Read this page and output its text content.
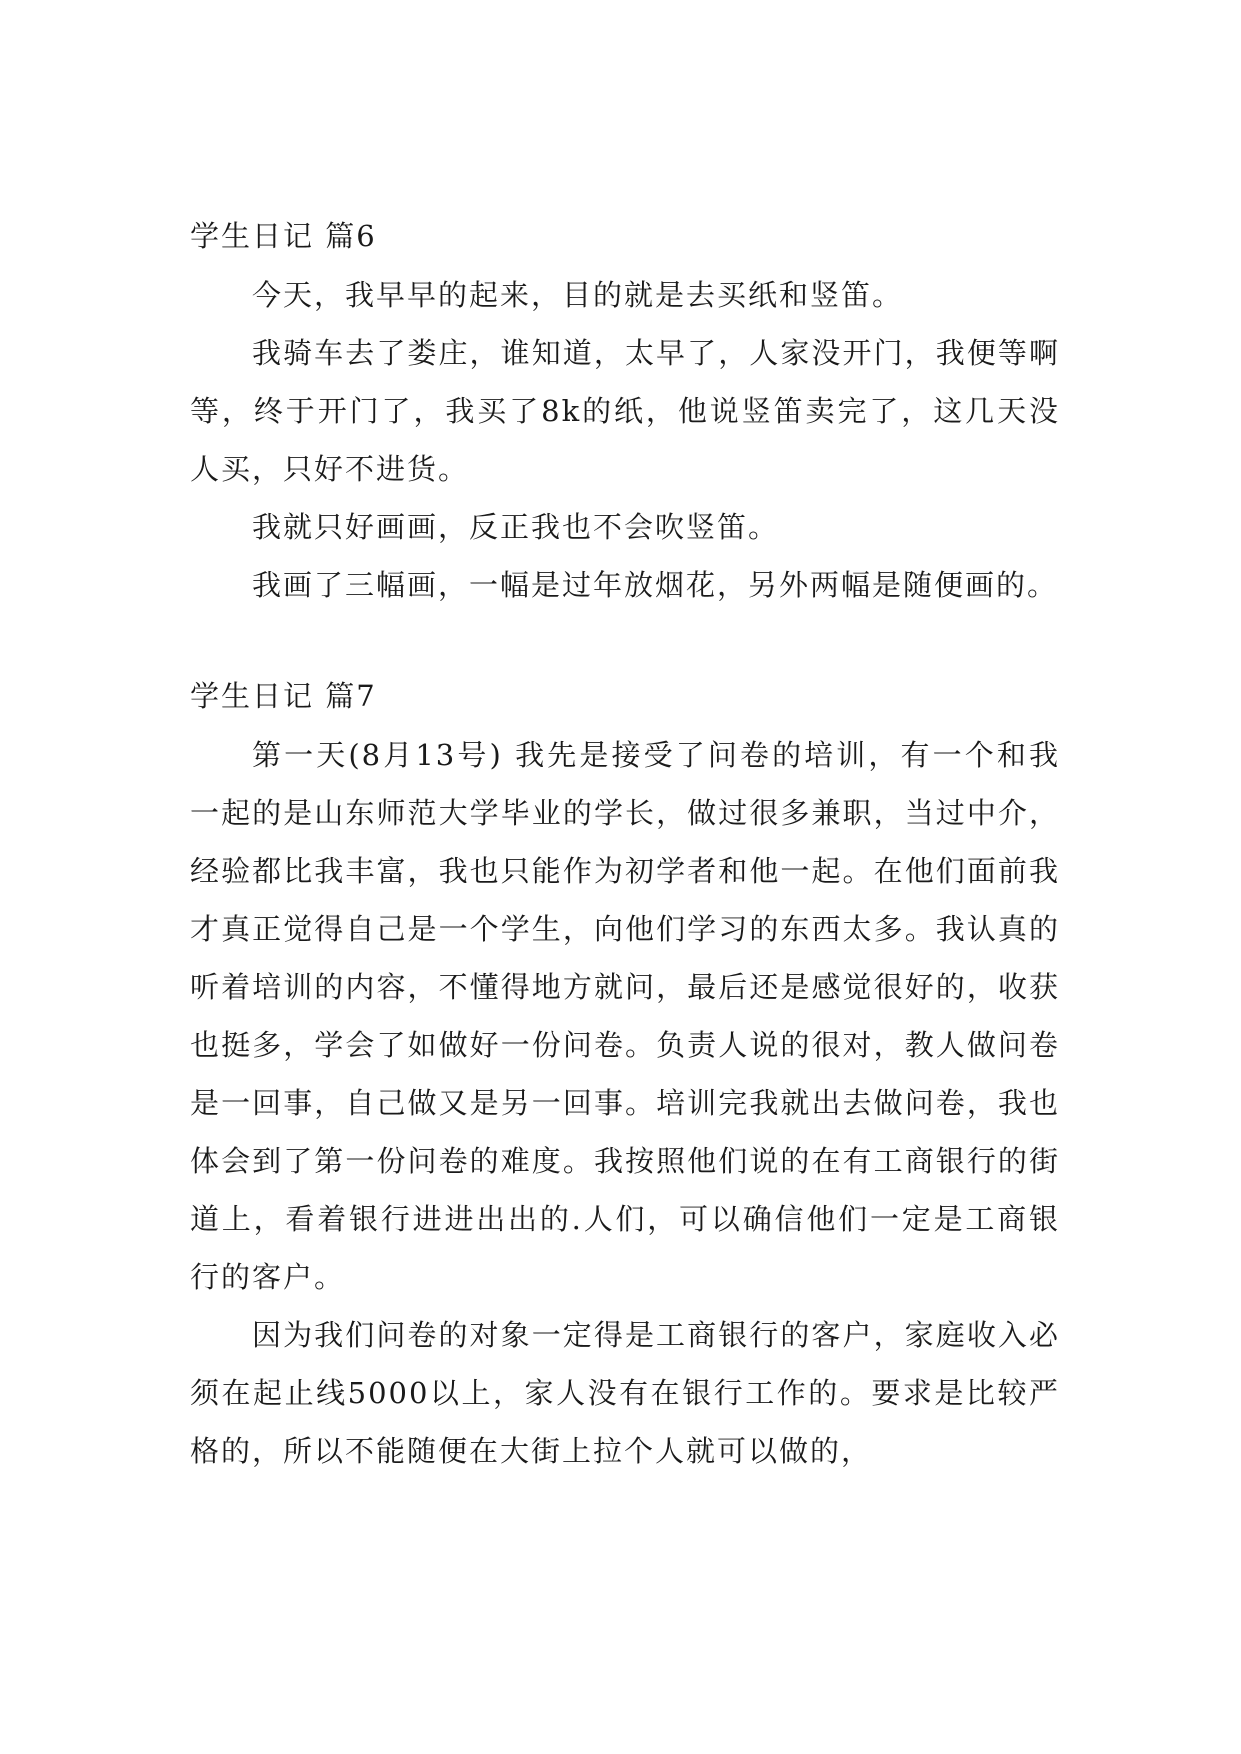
学生日记 篇6

今天，我早早的起来，目的就是去买纸和竖笛。

我骑车去了娄庄，谁知道，太早了，人家没开门，我便等啊等，终于开门了，我买了8k的纸，他说竖笛卖完了，这几天没人买，只好不进货。

我就只好画画，反正我也不会吹竖笛。

我画了三幅画，一幅是过年放烟花，另外两幅是随便画的。

学生日记 篇7

第一天(8月13号) 我先是接受了问卷的培训，有一个和我一起的是山东师范大学毕业的学长，做过很多兼职，当过中介，经验都比我丰富，我也只能作为初学者和他一起。在他们面前我才真正觉得自己是一个学生，向他们学习的东西太多。我认真的听着培训的内容，不懂得地方就问，最后还是感觉很好的，收获也挺多，学会了如做好一份问卷。负责人说的很对，教人做问卷是一回事，自己做又是另一回事。培训完我就出去做问卷，我也体会到了第一份问卷的难度。我按照他们说的在有工商银行的街道上，看着银行进进出出的.人们，可以确信他们一定是工商银行的客户。

因为我们问卷的对象一定得是工商银行的客户，家庭收入必须在起止线5000以上，家人没有在银行工作的。要求是比较严格的，所以不能随便在大街上拉个人就可以做的，
